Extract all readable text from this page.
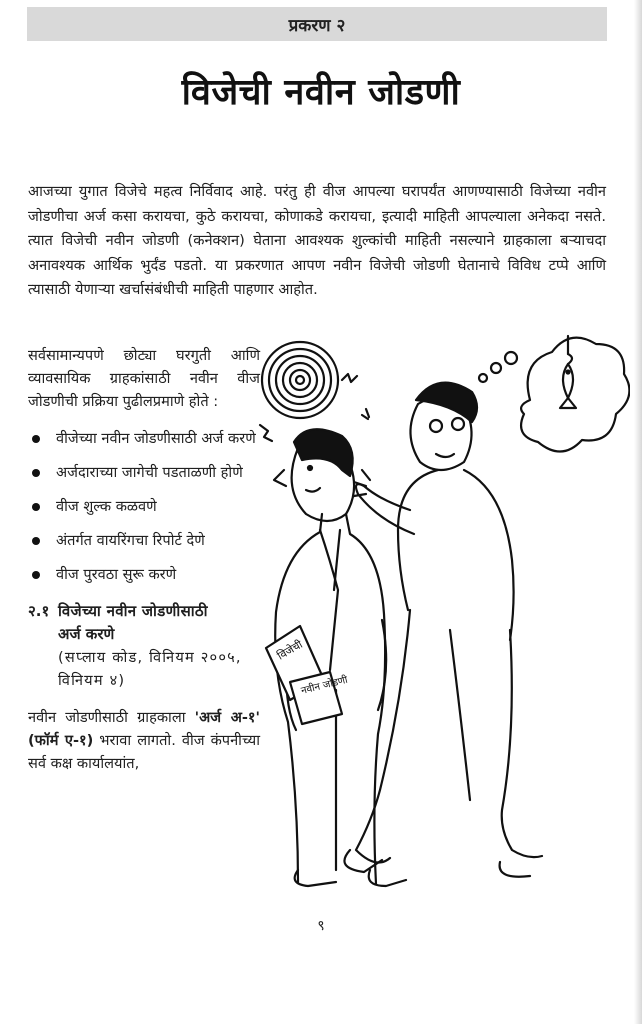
प्रकरण २
विजेची नवीन जोडणी

आजच्या युगात विजेचे महत्व निर्विवाद आहे. परंतु ही वीज आपल्या घरापर्यंत आणण्यासाठी विजेच्या नवीन जोडणीचा अर्ज कसा करायचा, कुठे करायचा, कोणाकडे करायचा, इत्यादी माहिती आपल्याला अनेकदा नसते. त्यात विजेची नवीन जोडणी (कनेक्शन) घेताना आवश्यक शुल्कांची माहिती नसल्याने ग्राहकाला बऱ्याचदा अनावश्यक आर्थिक भुर्दंड पडतो. या प्रकरणात आपण नवीन विजेची जोडणी घेतानाचे विविध टप्पे आणि त्यासाठी येणाऱ्या खर्चासंबंधीची माहिती पाहणार आहोत.

सर्वसामान्यपणे छोट्या घरगुती आणि व्यावसायिक ग्राहकांसाठी नवीन वीज जोडणीची प्रक्रिया पुढीलप्रमाणे होते :

वीजेच्या नवीन जोडणीसाठी अर्ज करणे
अर्जदाराच्या जागेची पडताळणी होणे
वीज शुल्क कळवणे
अंतर्गत वायरिंगचा रिपोर्ट देणे
वीज पुरवठा सुरू करणे
२.१ विजेच्या नवीन जोडणीसाठी
अर्ज करणे
(सप्लाय कोड, विनियम २००५, विनियम ४)

नवीन जोडणीसाठी ग्राहकाला 'अर्ज अ-१' (फॉर्म ए-१) भरावा लागतो. वीज कंपनीच्या सर्व कक्ष कार्यालयांत,

विजेची
नवीन जोडणी
९
